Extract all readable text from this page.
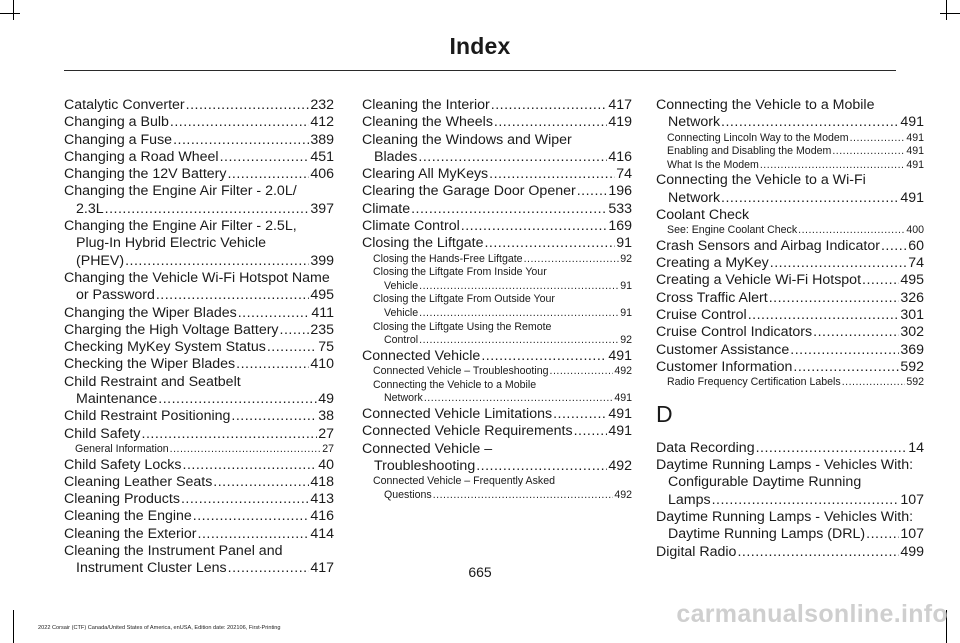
Index
Catalytic Converter .....	232
Changing a Bulb .....	412
Changing a Fuse .....	389
Changing a Road Wheel .....	451
Changing the 12V Battery .....	406
Changing the Engine Air Filter - 2.0L/
2.3L .....	397
Changing the Engine Air Filter - 2.5L,
Plug-In Hybrid Electric Vehicle
(PHEV) .....	399
Changing the Vehicle Wi-Fi Hotspot Name
or Password .....	495
Changing the Wiper Blades .....	411
Charging the High Voltage Battery ..... 235
Checking MyKey System Status .....	75
Checking the Wiper Blades .....	410
Child Restraint and Seatbelt
Maintenance .....	49
Child Restraint Positioning .....	38
Child Safety .....	27
General Information .....	27
Child Safety Locks .....	40
Cleaning Leather Seats .....	418
Cleaning Products .....	413
Cleaning the Engine .....	416
Cleaning the Exterior .....	414
Cleaning the Instrument Panel and
Instrument Cluster Lens .....	417
Cleaning the Interior .....	417
Cleaning the Wheels .....	419
Cleaning the Windows and Wiper
Blades .....	416
Clearing All MyKeys .....	74
Clearing the Garage Door Opener ..... 196
Climate .....	533
Climate Control .....	169
Closing the Liftgate .....	91
Closing the Hands-Free Liftgate .....	92
Closing the Liftgate From Inside Your
Vehicle .....	91
Closing the Liftgate From Outside Your
Vehicle .....	91
Closing the Liftgate Using the Remote
Control .....	92
Connected Vehicle .....	491
Connected Vehicle – Troubleshooting .....	492
Connecting the Vehicle to a Mobile
Network .....	491
Connected Vehicle Limitations .....	491
Connected Vehicle Requirements .....	491
Connected Vehicle –
Troubleshooting .....	492
Connected Vehicle – Frequently Asked
Questions .....	492
Connecting the Vehicle to a Mobile
Network .....	491
Connecting Lincoln Way to the Modem .....	491
Enabling and Disabling the Modem .....	491
What Is the Modem .....	491
Connecting the Vehicle to a Wi-Fi
Network .....	491
Coolant Check
See: Engine Coolant Check .....	400
Crash Sensors and Airbag Indicator ..... 60
Creating a MyKey .....	74
Creating a Vehicle Wi-Fi Hotspot .....	495
Cross Traffic Alert .....	326
Cruise Control .....	301
Cruise Control Indicators .....	302
Customer Assistance .....	369
Customer Information .....	592
Radio Frequency Certification Labels .....	592
D
Data Recording .....	14
Daytime Running Lamps - Vehicles With:
Configurable Daytime Running
Lamps .....	107
Daytime Running Lamps - Vehicles With:
Daytime Running Lamps (DRL) ..... 107
Digital Radio .....	499
665
2022 Corsair (CTF) Canada/United States of America, enUSA, Edition date: 202106, First-Printing	carmanualsonline.info
